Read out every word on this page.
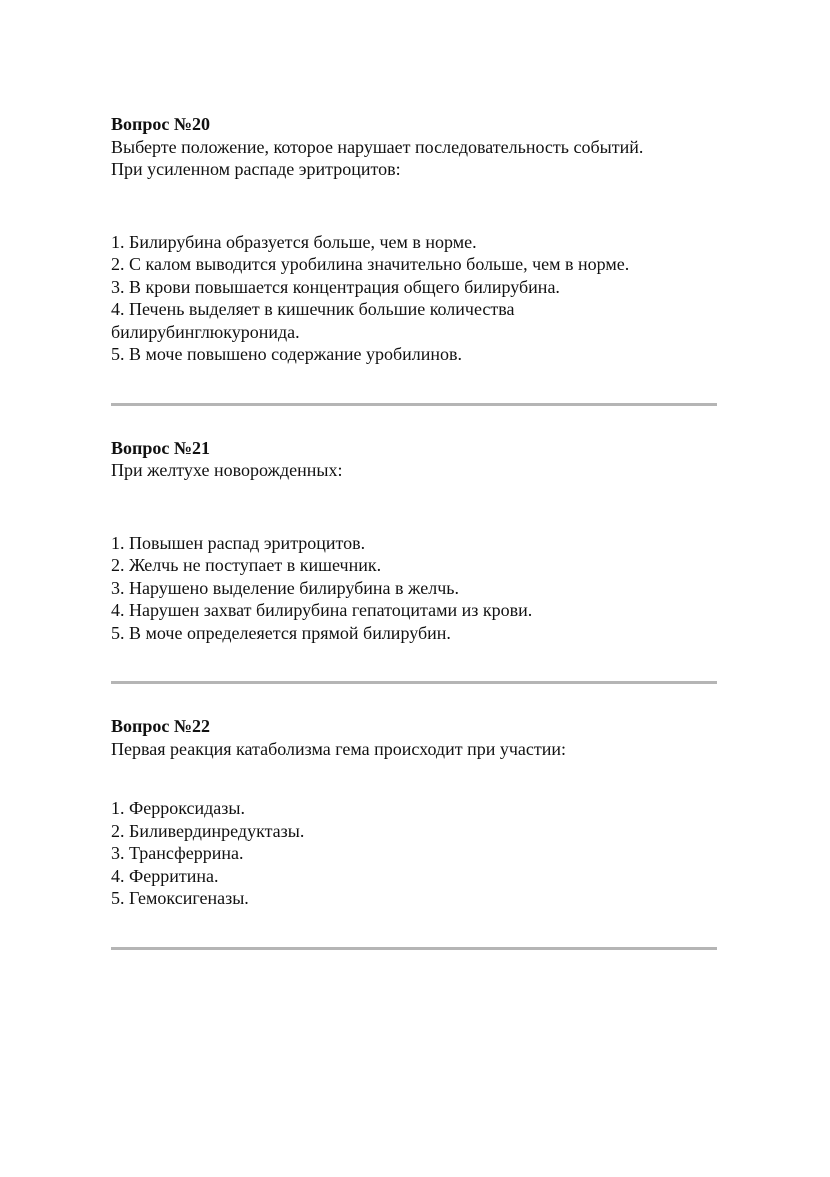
Вопрос №20

Выберте положение, которое нарушает последовательность событий.

При усиленном распаде эритроцитов:

1. Билирубина образуется больше, чем в норме.
2. С калом выводится уробилина значительно больше, чем в норме.
3. В крови повышается концентрация общего билирубина.
4. Печень выделяет в кишечник большие количества
билирубинглюкуронида.
5. В моче повышено содержание уробилинов.

Вопрос №21

При желтухе новорожденных:

1. Повышен распад эритроцитов.
2. Желчь не поступает в кишечник.
3. Нарушено выделение билирубина в желчь.
4. Нарушен захват билирубина гепатоцитами из крови.
5. В моче определеяется прямой билирубин.

Вопрос №22

Первая реакция катаболизма гема происходит при участии:

1. Ферроксидазы.
2. Биливердинредуктазы.
3. Трансферрина.
4. Ферритина.
5. Гемоксигеназы.
